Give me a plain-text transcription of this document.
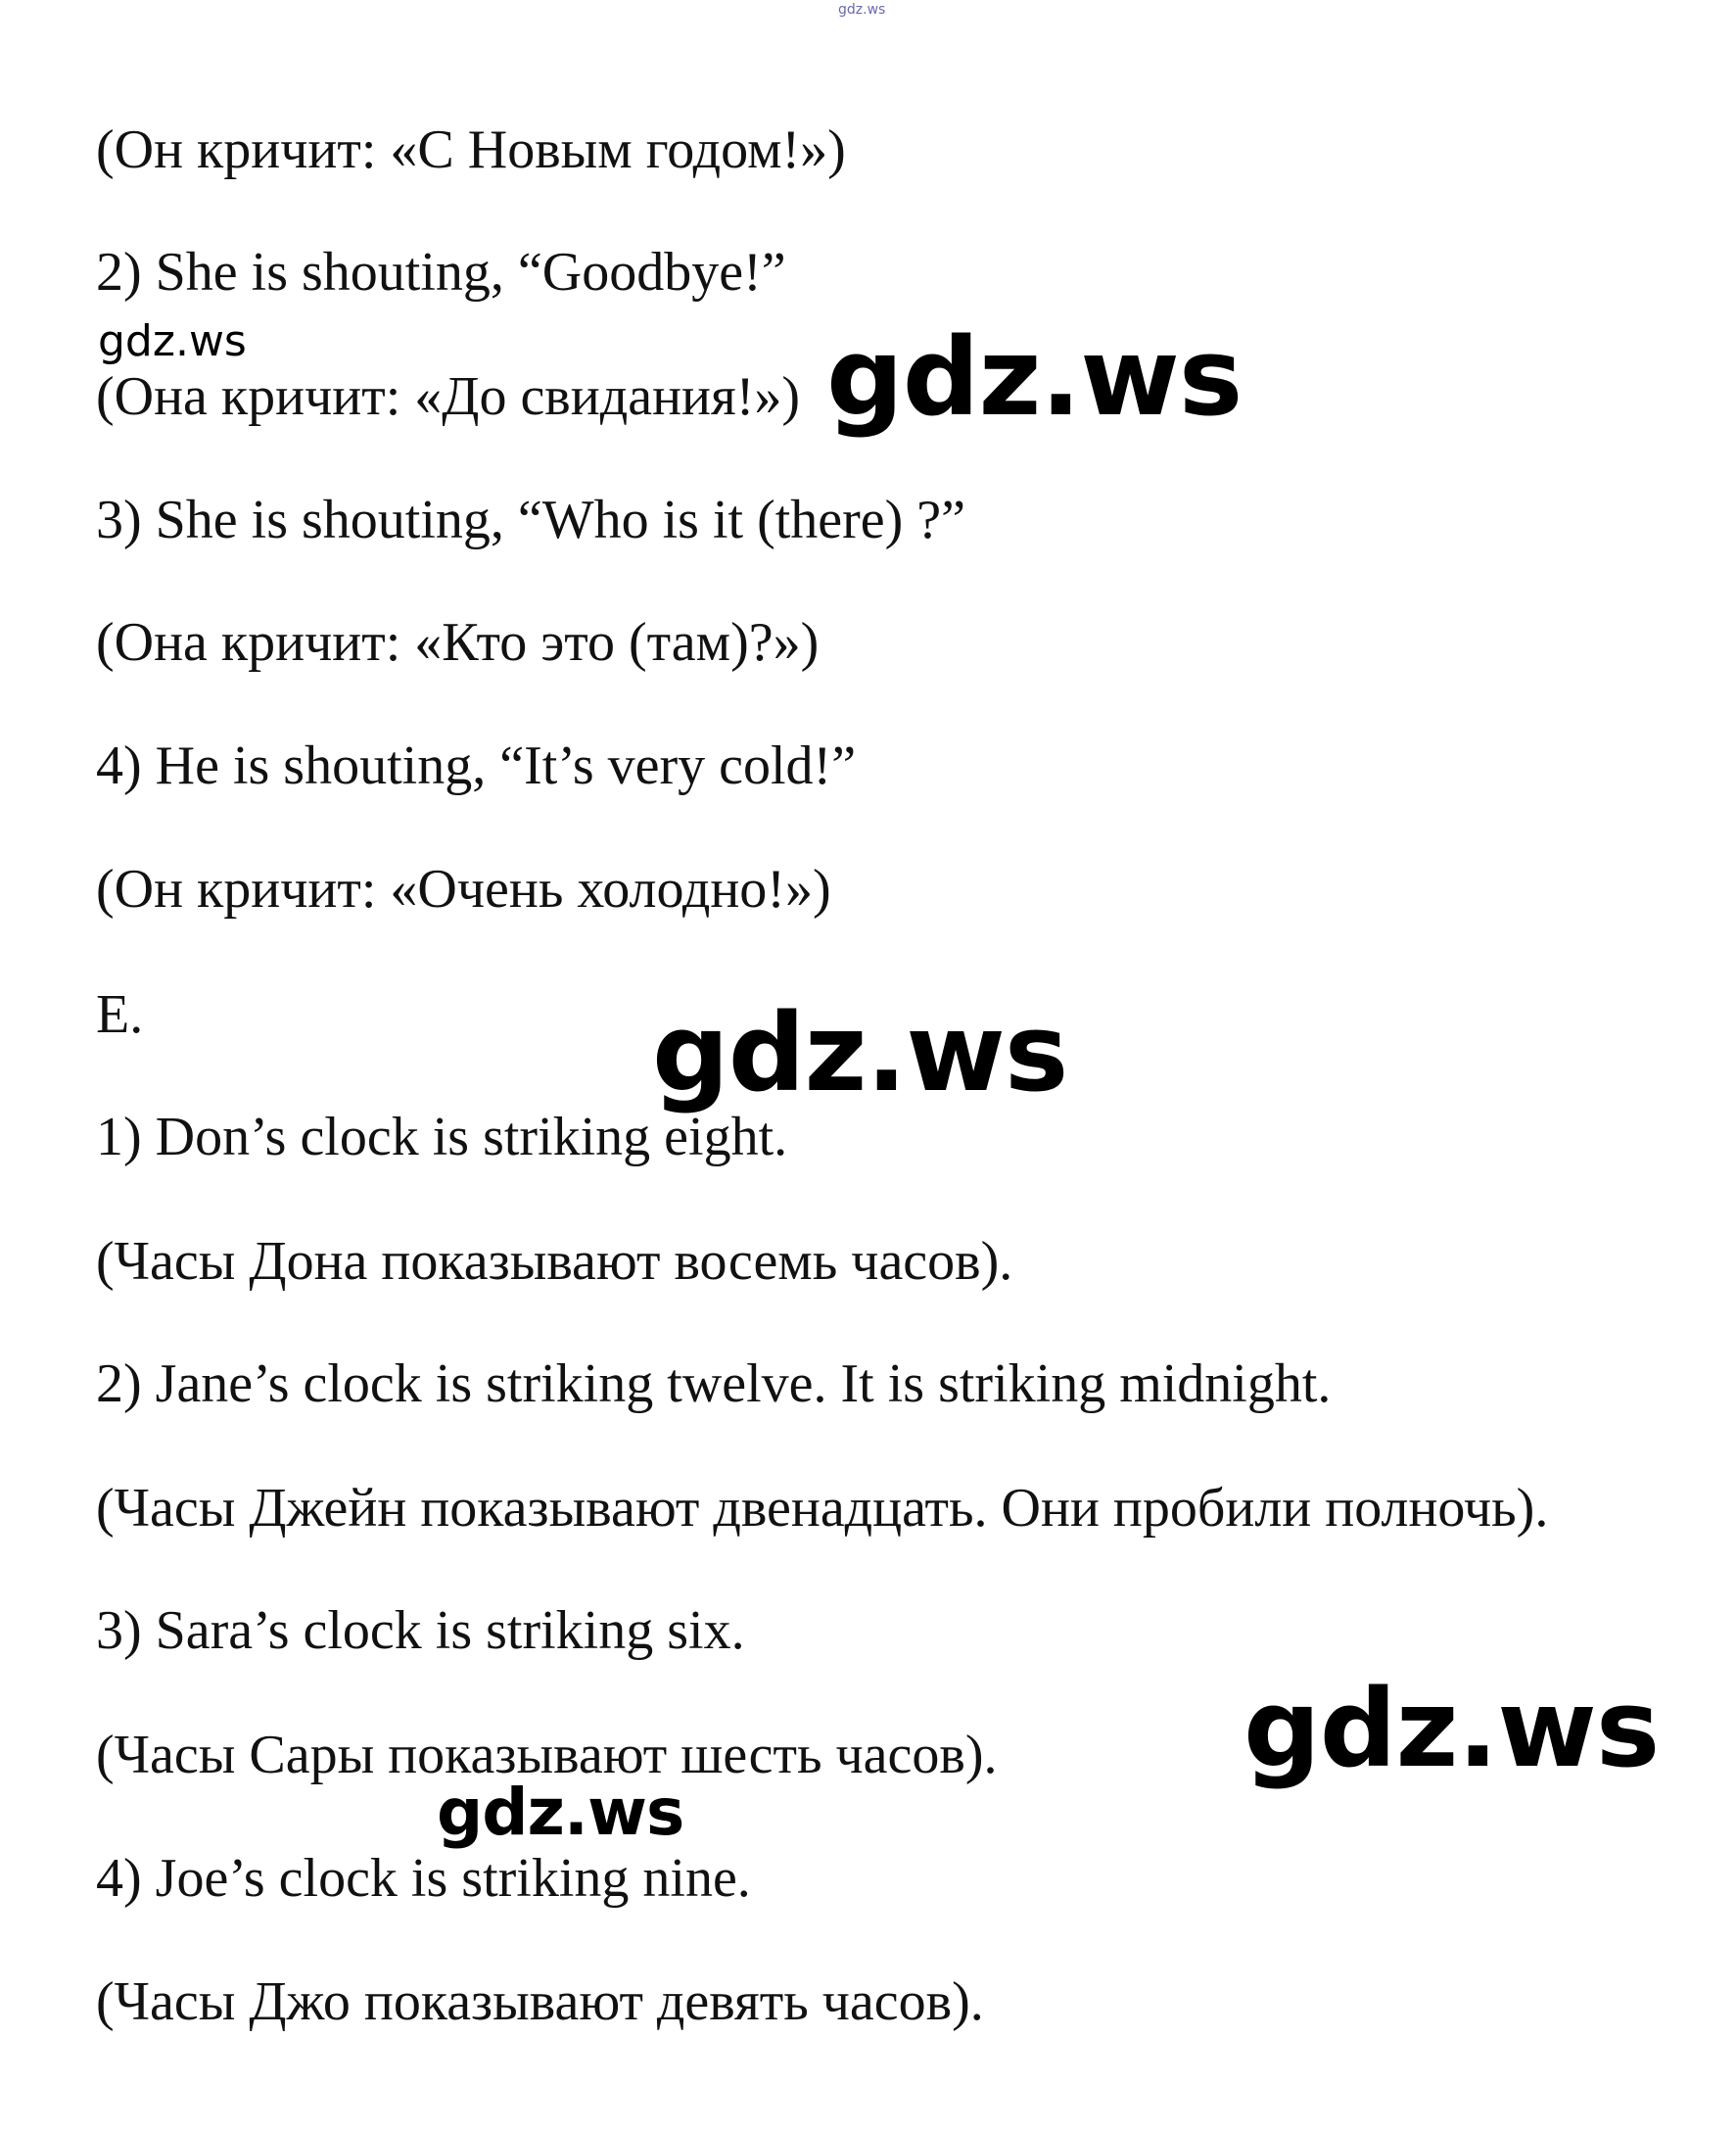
gdz.ws

(Он кричит: «С Новым годом!»)

2) She is shouting, “Goodbye!”

(Она кричит: «До свидания!»)

3) She is shouting, “Who is it (there) ?”

(Она кричит: «Кто это (там)?»)

4) He is shouting, “It’s very cold!”

(Он кричит: «Очень холодно!»)

E.

1) Don’s clock is striking eight.

(Часы Дона показывают восемь часов).

2) Jane’s clock is striking twelve. It is striking midnight.

(Часы Джейн показывают двенадцать. Они пробили полночь).

3) Sara’s clock is striking six.

(Часы Сары показывают шесть часов).

4) Joe’s clock is striking nine.

(Часы Джо показывают девять часов).

gdz.ws	gdz.ws
gdz.ws
gdz.ws
gdz.ws
